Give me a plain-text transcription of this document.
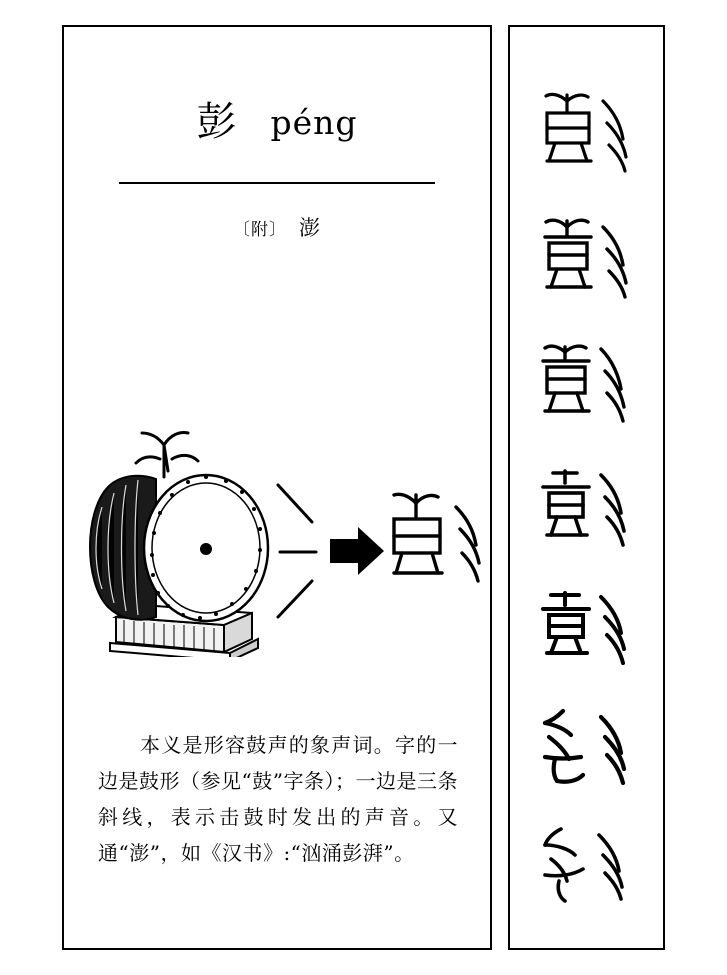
彭 péng
〔附〕 澎
本义是形容鼓声的象声词。字的一边是鼓形（参见“鼓”字条）；一边是三条斜线，表示击鼓时发出的声音。又通“澎”，如《汉书》:“汹涌彭湃”。
